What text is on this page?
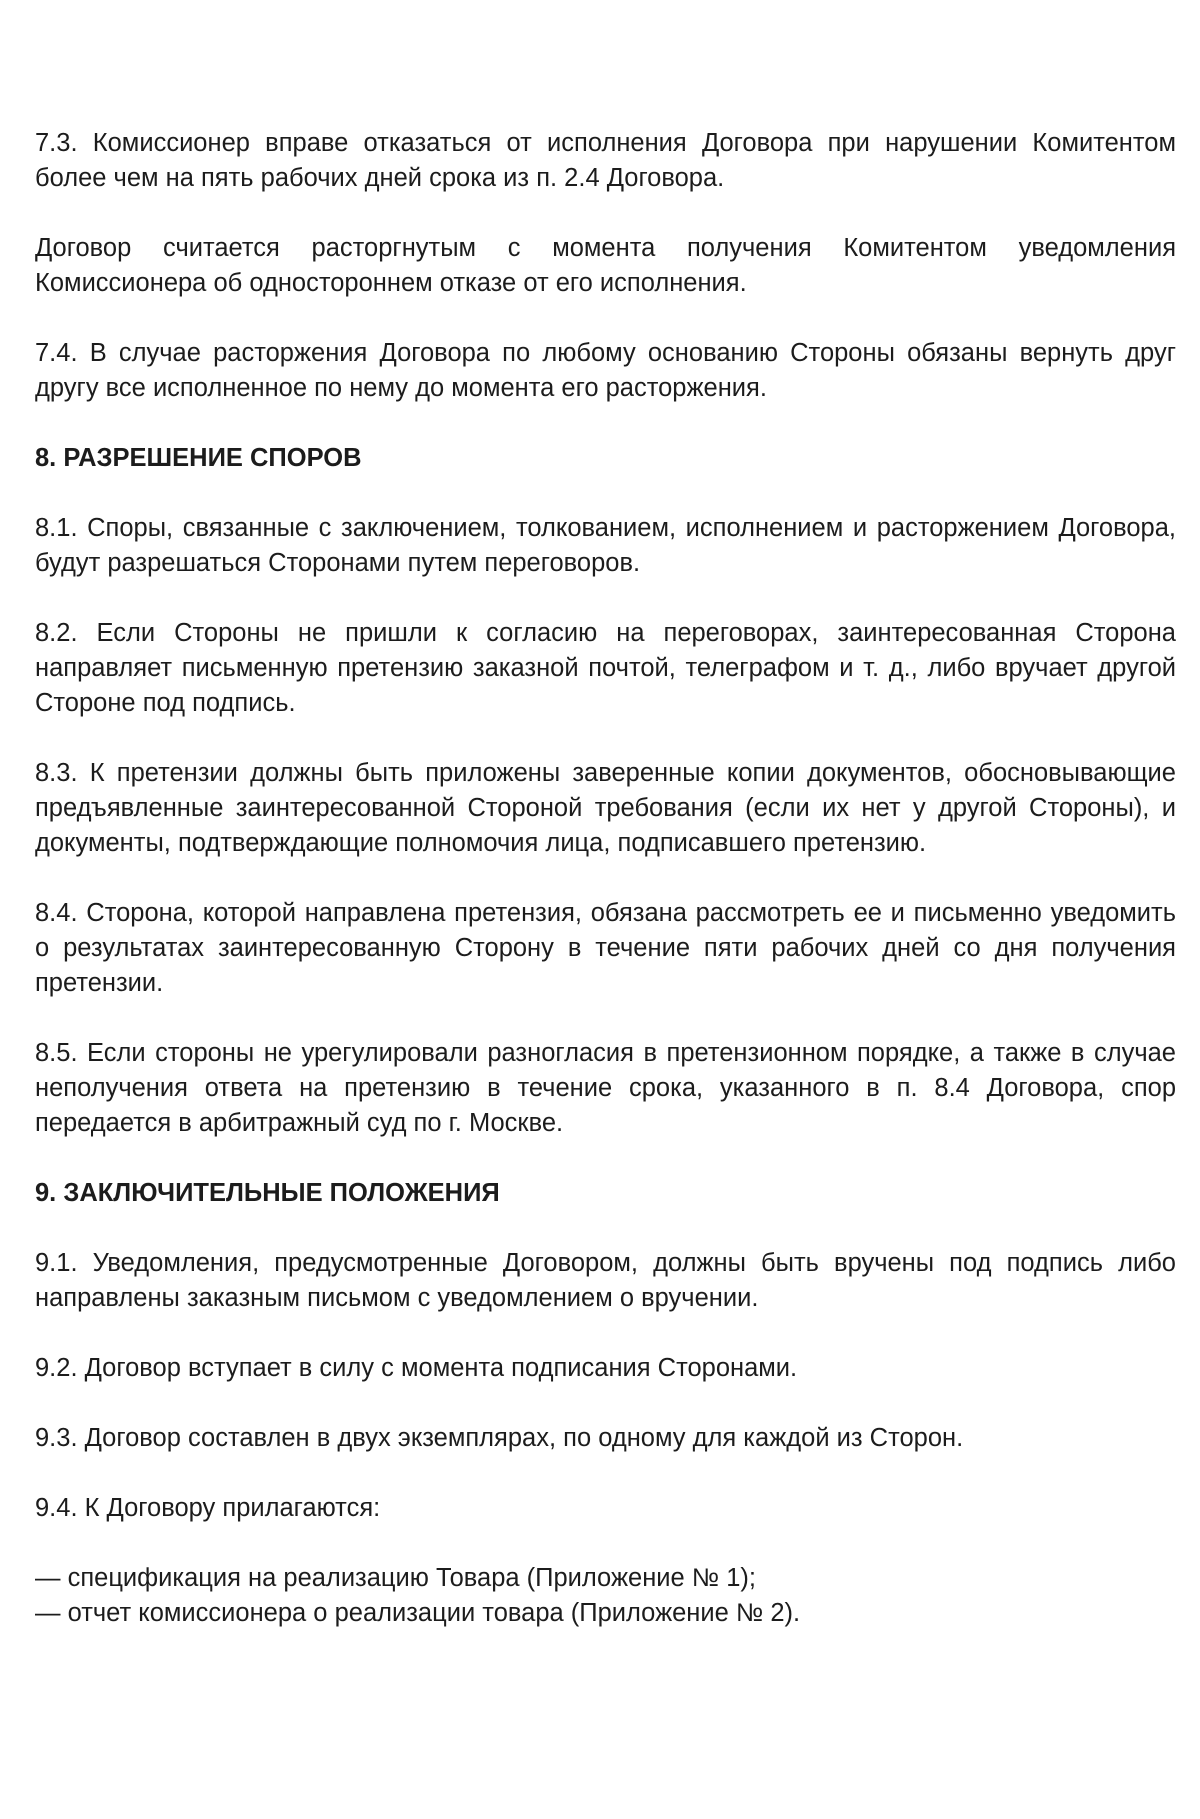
7.3. Комиссионер вправе отказаться от исполнения Договора при нарушении Комитентом более чем на пять рабочих дней срока из п. 2.4 Договора.

Договор считается расторгнутым с момента получения Комитентом уведомления Комиссионера об одностороннем отказе от его исполнения.

7.4. В случае расторжения Договора по любому основанию Стороны обязаны вернуть друг другу все исполненное по нему до момента его расторжения.

8. РАЗРЕШЕНИЕ СПОРОВ

8.1. Споры, связанные с заключением, толкованием, исполнением и расторжением Договора, будут разрешаться Сторонами путем переговоров.

8.2. Если Стороны не пришли к согласию на переговорах, заинтересованная Сторона направляет письменную претензию заказной почтой, телеграфом и т. д., либо вручает другой Стороне под подпись.

8.3. К претензии должны быть приложены заверенные копии документов, обосновывающие предъявленные заинтересованной Стороной требования (если их нет у другой Стороны), и документы, подтверждающие полномочия лица, подписавшего претензию.

8.4. Сторона, которой направлена претензия, обязана рассмотреть ее и письменно уведомить о результатах заинтересованную Сторону в течение пяти рабочих дней со дня получения претензии.

8.5. Если стороны не урегулировали разногласия в претензионном порядке, а также в случае неполучения ответа на претензию в течение срока, указанного в п. 8.4 Договора, спор передается в арбитражный суд по г. Москве.

9. ЗАКЛЮЧИТЕЛЬНЫЕ ПОЛОЖЕНИЯ

9.1. Уведомления, предусмотренные Договором, должны быть вручены под подпись либо направлены заказным письмом с уведомлением о вручении.

9.2. Договор вступает в силу с момента подписания Сторонами.

9.3. Договор составлен в двух экземплярах, по одному для каждой из Сторон.

9.4. К Договору прилагаются:

— спецификация на реализацию Товара (Приложение № 1);

— отчет комиссионера о реализации товара (Приложение № 2).
